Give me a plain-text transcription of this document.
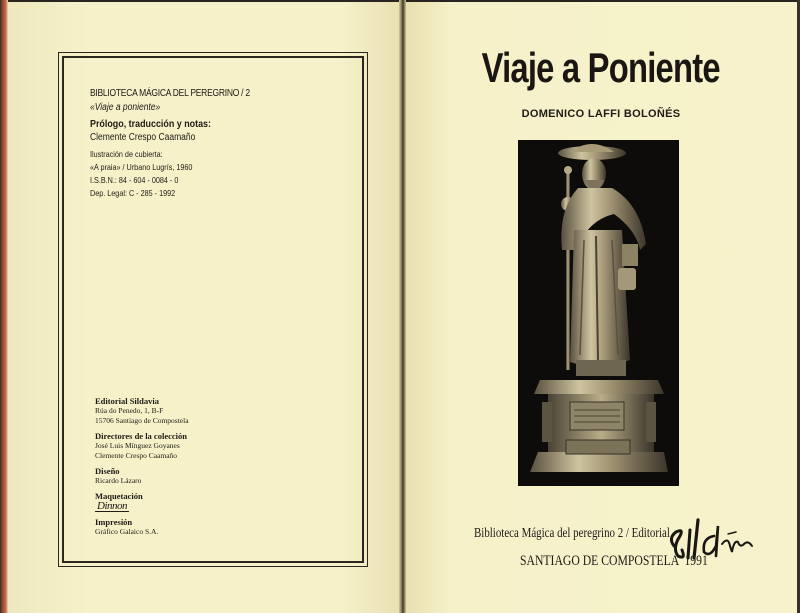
BIBLIOTECA MÁGICA DEL PEREGRINO / 2
«Viaje a poniente»
Prólogo, traducción y notas:
Clemente Crespo Caamaño
Ilustración de cubierta:
«A praia» / Urbano Lugrís, 1960
I.S.B.N.: 84 - 604 - 0084 - 0
Dep. Legal: C - 285 - 1992
Editorial Sildavia
Rúa do Penedo, 1, B-F
15706 Santiago de Compostela
Directores de la colección
José Luis Mínguez Goyanes
Clemente Crespo Caamaño
Diseño
Ricardo Lázaro
Maquetación
Dinnon
Impresión
Gráfico Galaico S.A.
Viaje a Poniente
DOMENICO LAFFI BOLOÑÉS
Biblioteca Mágica del peregrino 2 / Editorial
SANTIAGO DE COMPOSTELA  1991
